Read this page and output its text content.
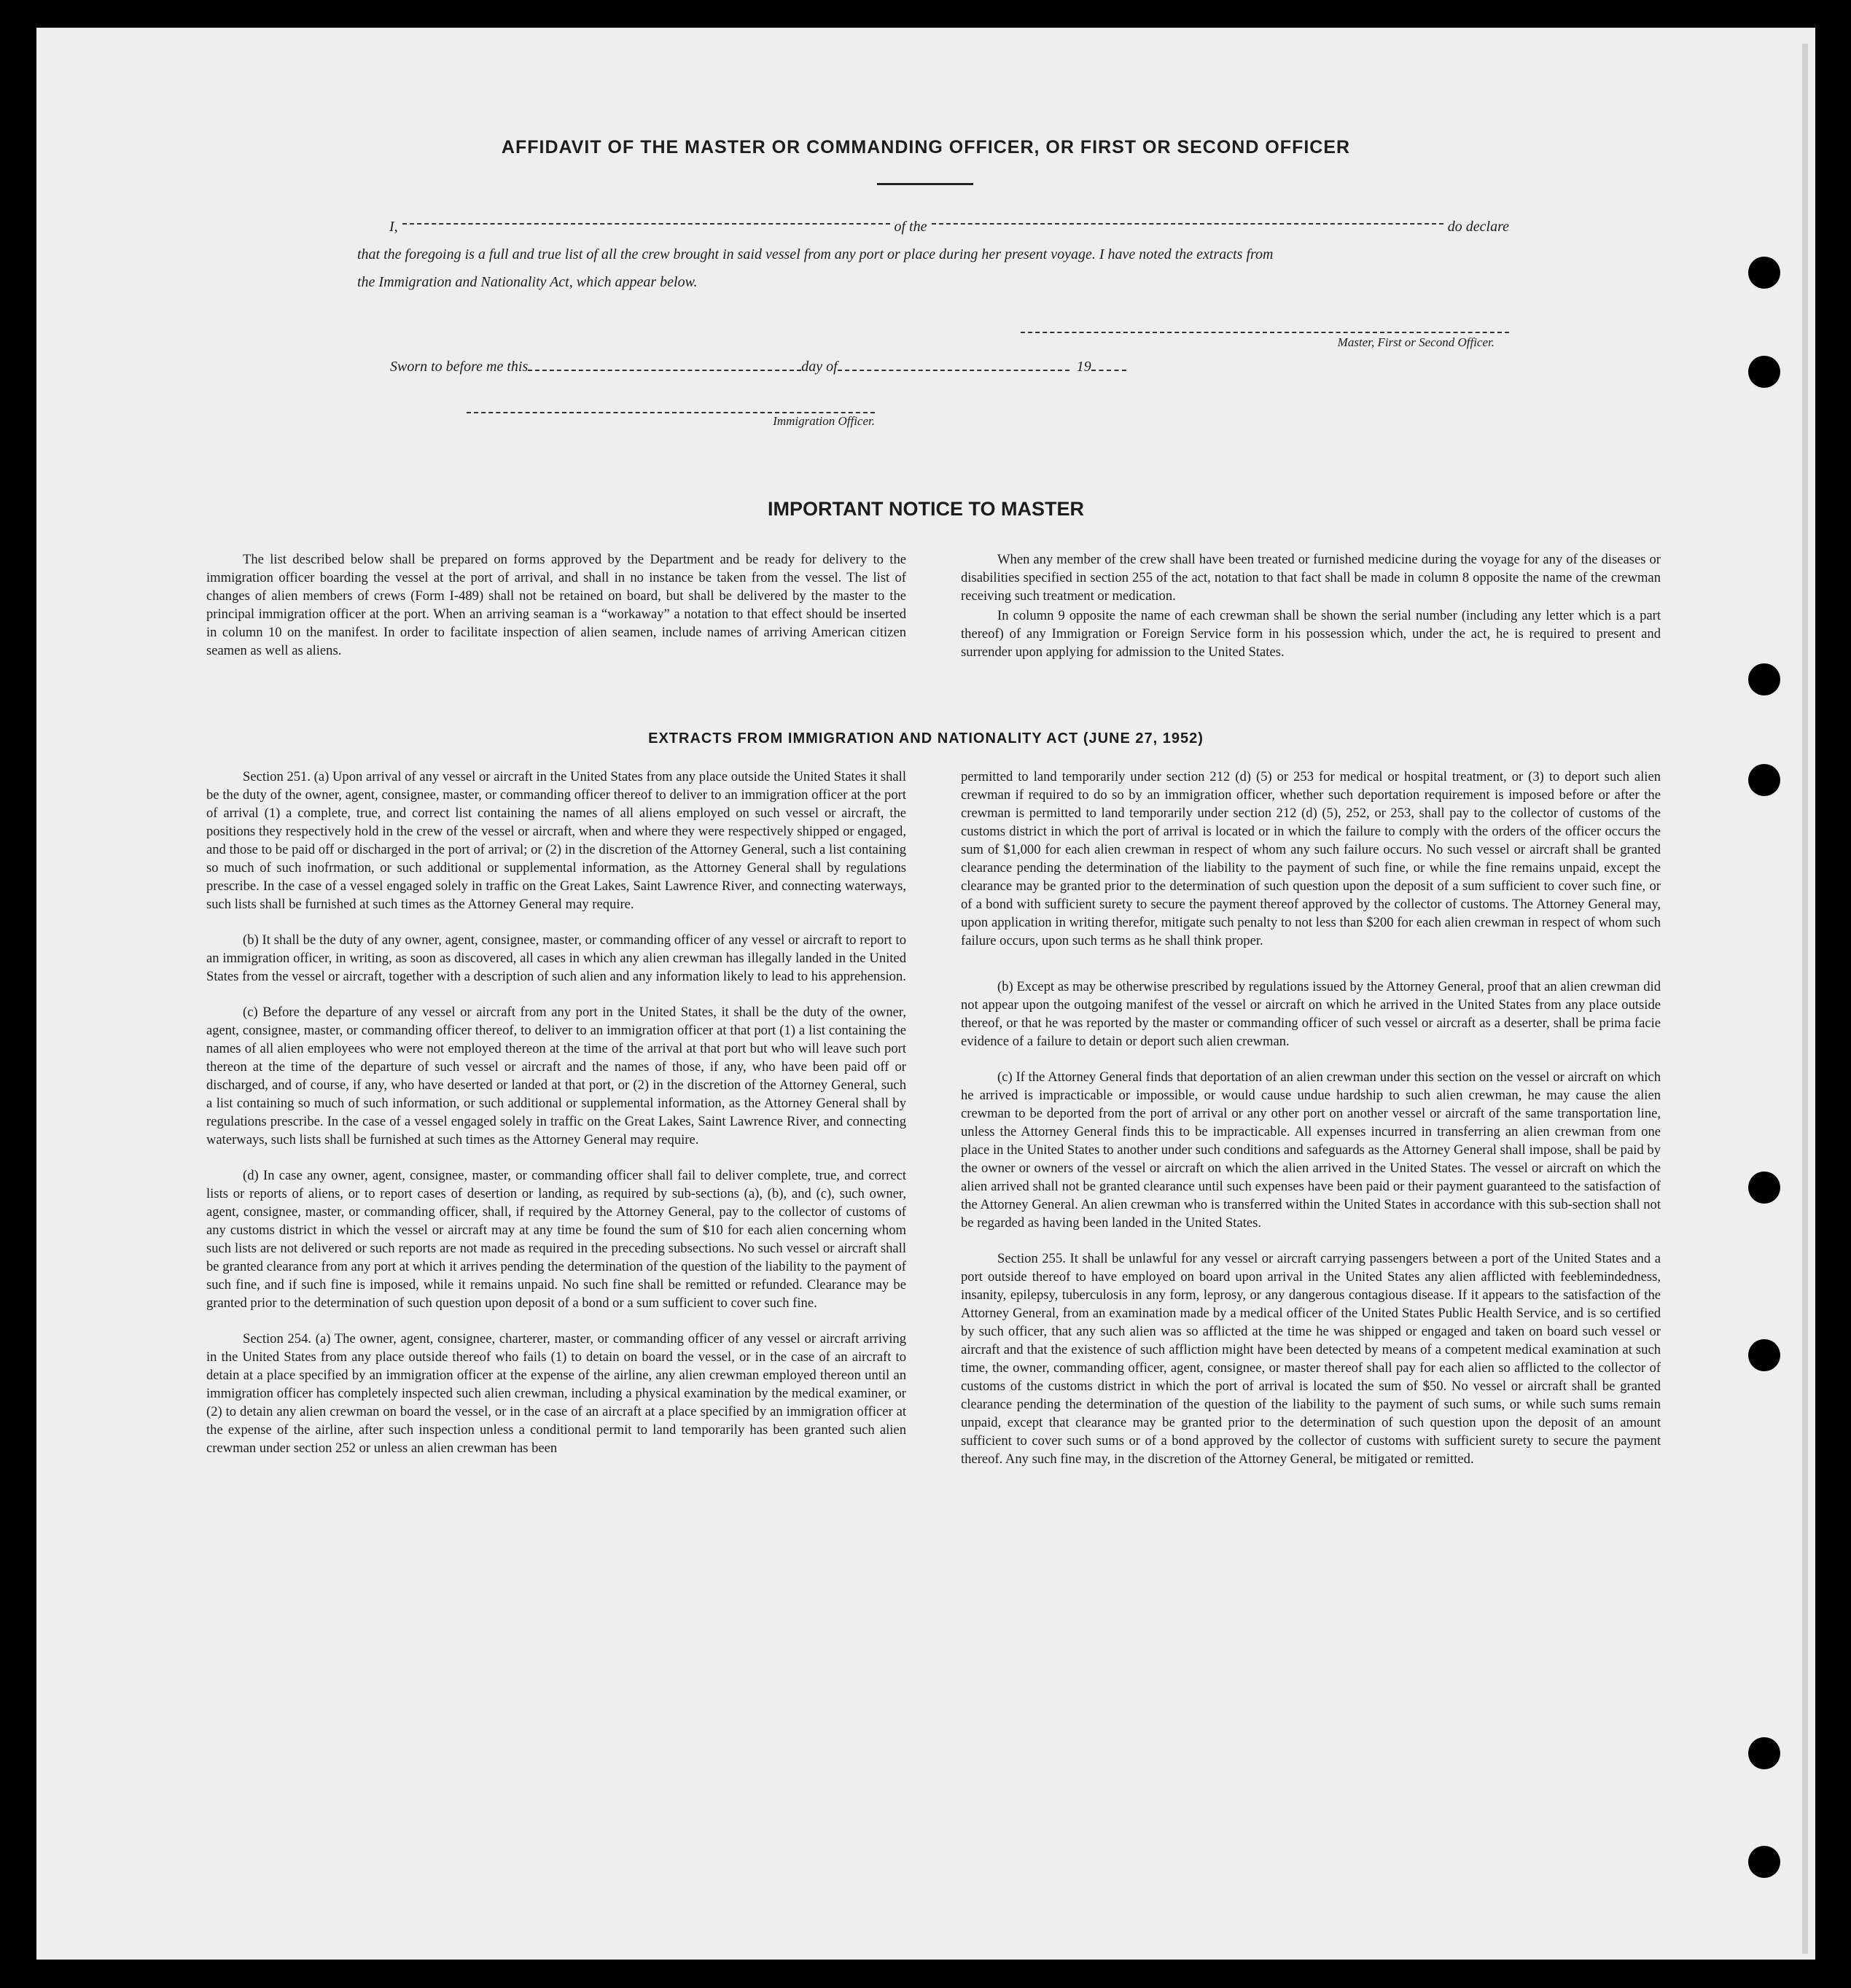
AFFIDAVIT OF THE MASTER OR COMMANDING OFFICER, OR FIRST OR SECOND OFFICER
I,	of the	do declare
that the foregoing is a full and true list of all the crew brought in said vessel from any port or place during her present voyage. I have noted the extracts from
the Immigration and Nationality Act, which appear below.
Master, First or Second Officer.
Sworn to before me this	day of	19
Immigration Officer.
IMPORTANT NOTICE TO MASTER

The list described below shall be prepared on forms approved by the Department and be ready for delivery to the immigration officer boarding the vessel at the port of arrival, and shall in no instance be taken from the vessel. The list of changes of alien members of crews (Form I-489) shall not be retained on board, but shall be delivered by the master to the principal immigration officer at the port. When an arriving seaman is a “workaway” a notation to that effect should be inserted in column 10 on the manifest. In order to facilitate inspection of alien seamen, include names of arriving American citizen seamen as well as aliens.

When any member of the crew shall have been treated or furnished medicine during the voyage for any of the diseases or disabilities specified in section 255 of the act, notation to that fact shall be made in column 8 opposite the name of the crewman receiving such treatment or medication.

In column 9 opposite the name of each crewman shall be shown the serial number (including any letter which is a part thereof) of any Immigration or Foreign Service form in his possession which, under the act, he is required to present and surrender upon applying for admission to the United States.

EXTRACTS FROM IMMIGRATION AND NATIONALITY ACT (JUNE 27, 1952)

Section 251. (a) Upon arrival of any vessel or aircraft in the United States from any place outside the United States it shall be the duty of the owner, agent, consignee, master, or commanding officer thereof to deliver to an immigration officer at the port of arrival (1) a complete, true, and correct list containing the names of all aliens employed on such vessel or aircraft, the positions they respectively hold in the crew of the vessel or aircraft, when and where they were respectively shipped or engaged, and those to be paid off or discharged in the port of arrival; or (2) in the discretion of the Attorney General, such a list containing so much of such inofrmation, or such additional or supplemental information, as the Attorney General shall by regulations prescribe. In the case of a vessel engaged solely in traffic on the Great Lakes, Saint Lawrence River, and connecting waterways, such lists shall be furnished at such times as the Attorney General may require.

(b) It shall be the duty of any owner, agent, consignee, master, or commanding officer of any vessel or aircraft to report to an immigration officer, in writing, as soon as discovered, all cases in which any alien crewman has illegally landed in the United States from the vessel or aircraft, together with a description of such alien and any information likely to lead to his apprehension.

(c) Before the departure of any vessel or aircraft from any port in the United States, it shall be the duty of the owner, agent, consignee, master, or commanding officer thereof, to deliver to an immigration officer at that port (1) a list containing the names of all alien employees who were not employed thereon at the time of the arrival at that port but who will leave such port thereon at the time of the departure of such vessel or aircraft and the names of those, if any, who have been paid off or discharged, and of course, if any, who have deserted or landed at that port, or (2) in the discretion of the Attorney General, such a list containing so much of such information, or such additional or supplemental information, as the Attorney General shall by regulations prescribe. In the case of a vessel engaged solely in traffic on the Great Lakes, Saint Lawrence River, and connecting waterways, such lists shall be furnished at such times as the Attorney General may require.

(d) In case any owner, agent, consignee, master, or commanding officer shall fail to deliver complete, true, and correct lists or reports of aliens, or to report cases of desertion or landing, as required by sub-sections (a), (b), and (c), such owner, agent, consignee, master, or commanding officer, shall, if required by the Attorney General, pay to the collector of customs of any customs district in which the vessel or aircraft may at any time be found the sum of $10 for each alien concerning whom such lists are not delivered or such reports are not made as required in the preceding subsections. No such vessel or aircraft shall be granted clearance from any port at which it arrives pending the determination of the question of the liability to the payment of such fine, and if such fine is imposed, while it remains unpaid. No such fine shall be remitted or refunded. Clearance may be granted prior to the determination of such question upon deposit of a bond or a sum sufficient to cover such fine.

Section 254. (a) The owner, agent, consignee, charterer, master, or commanding officer of any vessel or aircraft arriving in the United States from any place outside thereof who fails (1) to detain on board the vessel, or in the case of an aircraft to detain at a place specified by an immigration officer at the expense of the airline, any alien crewman employed thereon until an immigration officer has completely inspected such alien crewman, including a physical examination by the medical examiner, or (2) to detain any alien crewman on board the vessel, or in the case of an aircraft at a place specified by an immigration officer at the expense of the airline, after such inspection unless a conditional permit to land temporarily has been granted such alien crewman under section 252 or unless an alien crewman has been

permitted to land temporarily under section 212 (d) (5) or 253 for medical or hospital treatment, or (3) to deport such alien crewman if required to do so by an immigration officer, whether such deportation requirement is imposed before or after the crewman is permitted to land temporarily under section 212 (d) (5), 252, or 253, shall pay to the collector of customs of the customs district in which the port of arrival is located or in which the failure to comply with the orders of the officer occurs the sum of $1,000 for each alien crewman in respect of whom any such failure occurs. No such vessel or aircraft shall be granted clearance pending the determination of the liability to the payment of such fine, or while the fine remains unpaid, except the clearance may be granted prior to the determination of such question upon the deposit of a sum sufficient to cover such fine, or of a bond with sufficient surety to secure the payment thereof approved by the collector of customs. The Attorney General may, upon application in writing therefor, mitigate such penalty to not less than $200 for each alien crewman in respect of whom such failure occurs, upon such terms as he shall think proper.

(b) Except as may be otherwise prescribed by regulations issued by the Attorney General, proof that an alien crewman did not appear upon the outgoing manifest of the vessel or aircraft on which he arrived in the United States from any place outside thereof, or that he was reported by the master or commanding officer of such vessel or aircraft as a deserter, shall be prima facie evidence of a failure to detain or deport such alien crewman.

(c) If the Attorney General finds that deportation of an alien crewman under this section on the vessel or aircraft on which he arrived is impracticable or impossible, or would cause undue hardship to such alien crewman, he may cause the alien crewman to be deported from the port of arrival or any other port on another vessel or aircraft of the same transportation line, unless the Attorney General finds this to be impracticable. All expenses incurred in transferring an alien crewman from one place in the United States to another under such conditions and safeguards as the Attorney General shall impose, shall be paid by the owner or owners of the vessel or aircraft on which the alien arrived in the United States. The vessel or aircraft on which the alien arrived shall not be granted clearance until such expenses have been paid or their payment guaranteed to the satisfaction of the Attorney General. An alien crewman who is transferred within the United States in accordance with this sub-section shall not be regarded as having been landed in the United States.

Section 255. It shall be unlawful for any vessel or aircraft carrying passengers between a port of the United States and a port outside thereof to have employed on board upon arrival in the United States any alien afflicted with feeblemindedness, insanity, epilepsy, tuberculosis in any form, leprosy, or any dangerous contagious disease. If it appears to the satisfaction of the Attorney General, from an examination made by a medical officer of the United States Public Health Service, and is so certified by such officer, that any such alien was so afflicted at the time he was shipped or engaged and taken on board such vessel or aircraft and that the existence of such affliction might have been detected by means of a competent medical examination at such time, the owner, commanding officer, agent, consignee, or master thereof shall pay for each alien so afflicted to the collector of customs of the customs district in which the port of arrival is located the sum of $50. No vessel or aircraft shall be granted clearance pending the determination of the question of the liability to the payment of such sums, or while such sums remain unpaid, except that clearance may be granted prior to the determination of such question upon the deposit of an amount sufficient to cover such sums or of a bond approved by the collector of customs with sufficient surety to secure the payment thereof. Any such fine may, in the discretion of the Attorney General, be mitigated or remitted.
